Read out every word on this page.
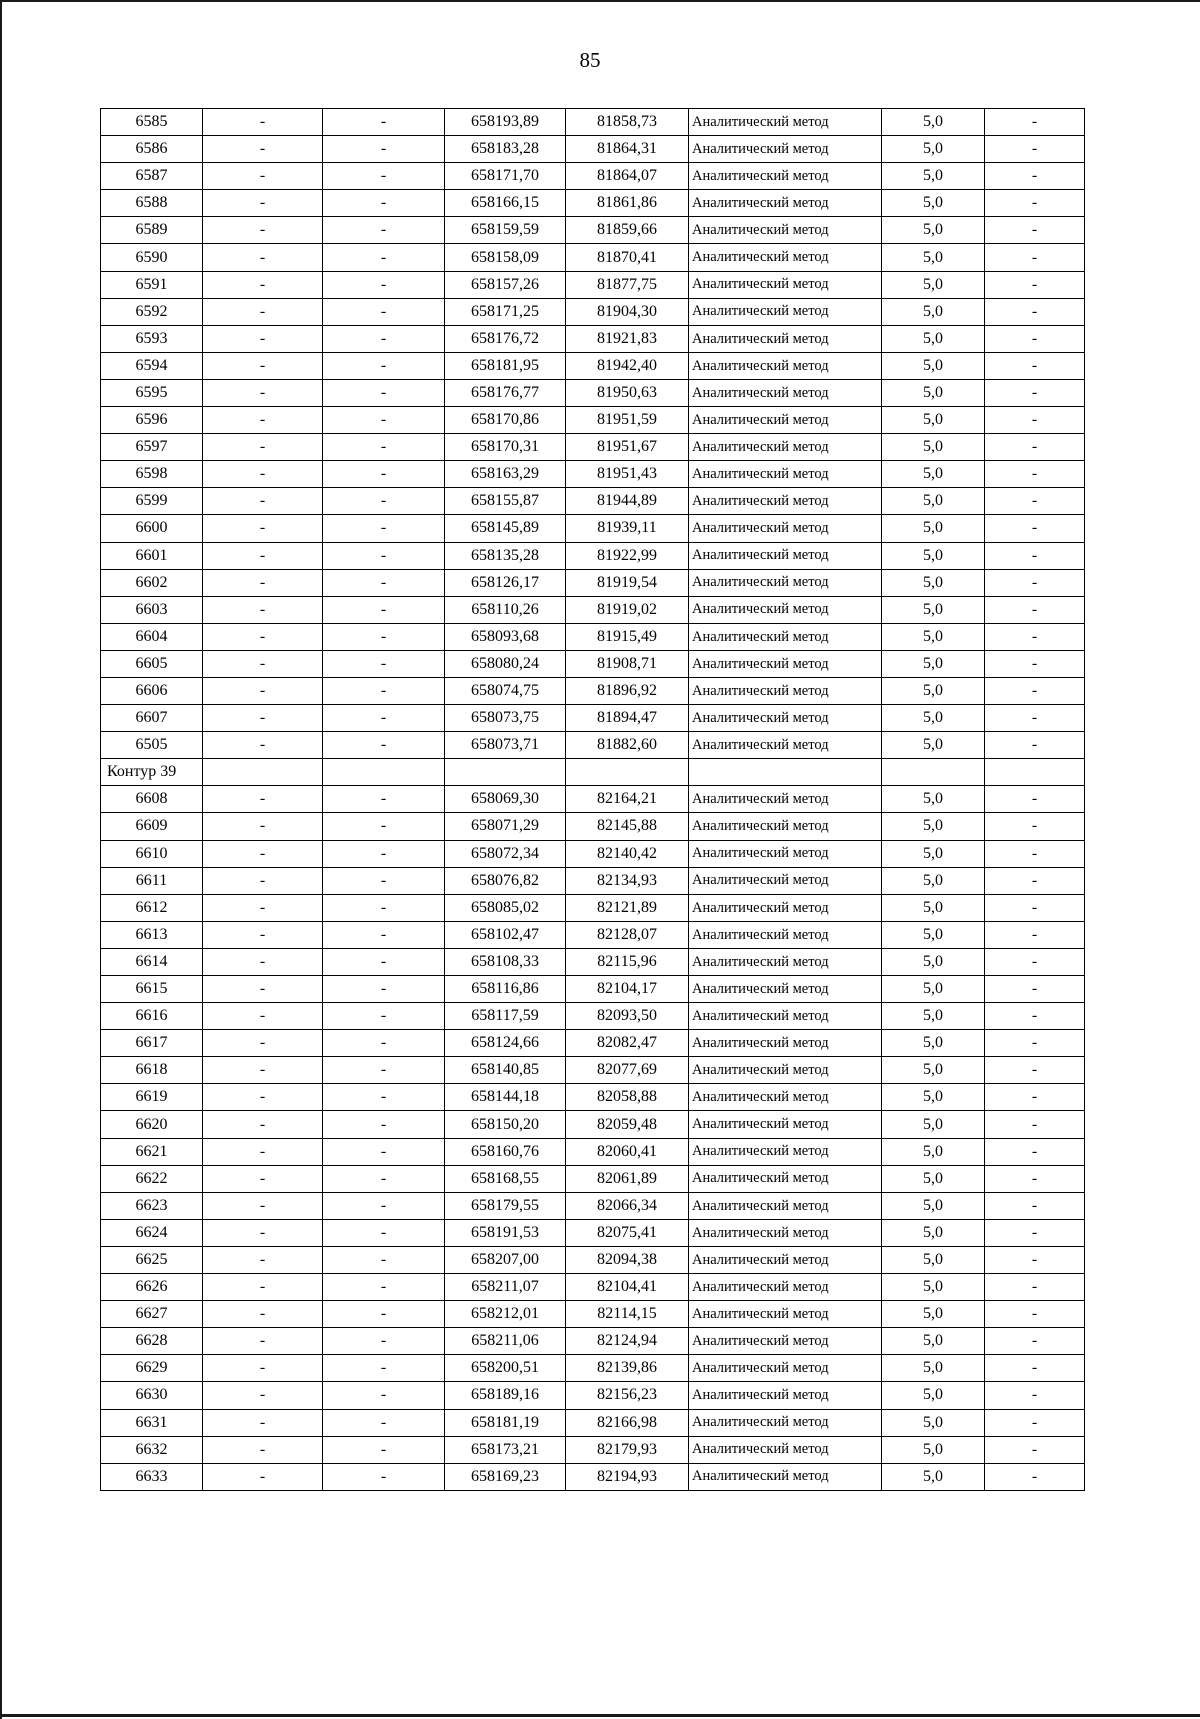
85
6585	-	-	658193,89	81858,73	Аналитический метод	5,0	-
6586	-	-	658183,28	81864,31	Аналитический метод	5,0	-
6587	-	-	658171,70	81864,07	Аналитический метод	5,0	-
6588	-	-	658166,15	81861,86	Аналитический метод	5,0	-
6589	-	-	658159,59	81859,66	Аналитический метод	5,0	-
6590	-	-	658158,09	81870,41	Аналитический метод	5,0	-
6591	-	-	658157,26	81877,75	Аналитический метод	5,0	-
6592	-	-	658171,25	81904,30	Аналитический метод	5,0	-
6593	-	-	658176,72	81921,83	Аналитический метод	5,0	-
6594	-	-	658181,95	81942,40	Аналитический метод	5,0	-
6595	-	-	658176,77	81950,63	Аналитический метод	5,0	-
6596	-	-	658170,86	81951,59	Аналитический метод	5,0	-
6597	-	-	658170,31	81951,67	Аналитический метод	5,0	-
6598	-	-	658163,29	81951,43	Аналитический метод	5,0	-
6599	-	-	658155,87	81944,89	Аналитический метод	5,0	-
6600	-	-	658145,89	81939,11	Аналитический метод	5,0	-
6601	-	-	658135,28	81922,99	Аналитический метод	5,0	-
6602	-	-	658126,17	81919,54	Аналитический метод	5,0	-
6603	-	-	658110,26	81919,02	Аналитический метод	5,0	-
6604	-	-	658093,68	81915,49	Аналитический метод	5,0	-
6605	-	-	658080,24	81908,71	Аналитический метод	5,0	-
6606	-	-	658074,75	81896,92	Аналитический метод	5,0	-
6607	-	-	658073,75	81894,47	Аналитический метод	5,0	-
6505	-	-	658073,71	81882,60	Аналитический метод	5,0	-
Контур 39							
6608	-	-	658069,30	82164,21	Аналитический метод	5,0	-
6609	-	-	658071,29	82145,88	Аналитический метод	5,0	-
6610	-	-	658072,34	82140,42	Аналитический метод	5,0	-
6611	-	-	658076,82	82134,93	Аналитический метод	5,0	-
6612	-	-	658085,02	82121,89	Аналитический метод	5,0	-
6613	-	-	658102,47	82128,07	Аналитический метод	5,0	-
6614	-	-	658108,33	82115,96	Аналитический метод	5,0	-
6615	-	-	658116,86	82104,17	Аналитический метод	5,0	-
6616	-	-	658117,59	82093,50	Аналитический метод	5,0	-
6617	-	-	658124,66	82082,47	Аналитический метод	5,0	-
6618	-	-	658140,85	82077,69	Аналитический метод	5,0	-
6619	-	-	658144,18	82058,88	Аналитический метод	5,0	-
6620	-	-	658150,20	82059,48	Аналитический метод	5,0	-
6621	-	-	658160,76	82060,41	Аналитический метод	5,0	-
6622	-	-	658168,55	82061,89	Аналитический метод	5,0	-
6623	-	-	658179,55	82066,34	Аналитический метод	5,0	-
6624	-	-	658191,53	82075,41	Аналитический метод	5,0	-
6625	-	-	658207,00	82094,38	Аналитический метод	5,0	-
6626	-	-	658211,07	82104,41	Аналитический метод	5,0	-
6627	-	-	658212,01	82114,15	Аналитический метод	5,0	-
6628	-	-	658211,06	82124,94	Аналитический метод	5,0	-
6629	-	-	658200,51	82139,86	Аналитический метод	5,0	-
6630	-	-	658189,16	82156,23	Аналитический метод	5,0	-
6631	-	-	658181,19	82166,98	Аналитический метод	5,0	-
6632	-	-	658173,21	82179,93	Аналитический метод	5,0	-
6633	-	-	658169,23	82194,93	Аналитический метод	5,0	-
